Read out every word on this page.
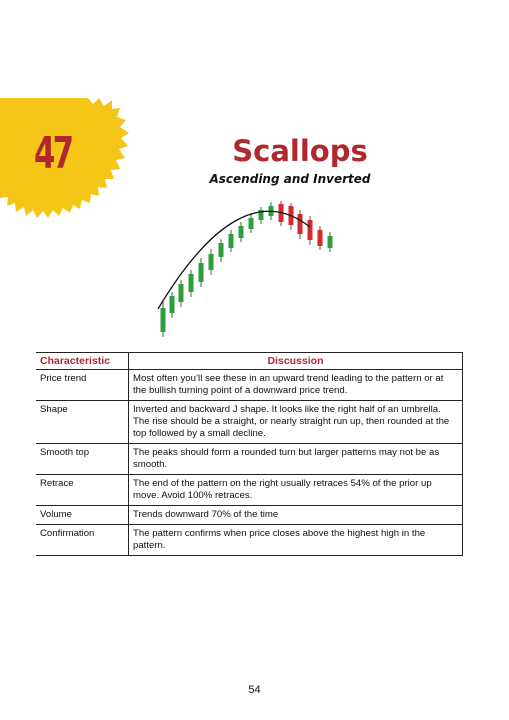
47	Scallops
Ascending and Inverted
Characteristic	Discussion
Price trend	Most often you’ll see these in an upward trend leading to the pattern or at the bullish turning point of a downward price trend.
Shape	Inverted and backward J shape. It looks like the right half of an umbrella. The rise should be a straight, or nearly straight run up, then rounded at the top followed by a small decline.
Smooth top	The peaks should form a rounded turn but larger patterns may not be as smooth.
Retrace	The end of the pattern on the right usually retraces 54% of the prior up move. Avoid 100% retraces.
Volume	Trends downward 70% of the time
Confirmation	The pattern confirms when price closes above the highest high in the pattern.
54
